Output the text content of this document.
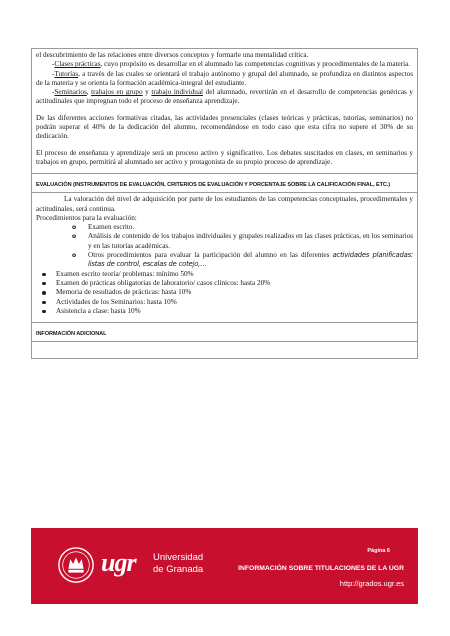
el descubrimiento de las relaciones entre diversos conceptos y formarle una mentalidad crítica.

-Clases prácticas, cuyo propósito es desarrollar en el alumnado las competencias cognitivas y procedimentales de la materia.

-Tutorías, a través de las cuales se orientará el trabajo autónomo y grupal del alumnado, se profundiza en distintos aspectos de la materia y se orienta la formación académica-integral del estudiante.

-Seminarios, trabajos en grupo y trabajo individual del alumnado, revertirán en el desarrollo de competencias genéricas y actitudinales que impregnan todo el proceso de enseñanza aprendizaje.

De las diferentes acciones formativas citadas, las actividades presenciales (clases teóricas y prácticas, tutorías, seminarios) no podrán superar el 40% de la dedicación del alumno, recomendándose en todo caso que esta cifra no supere el 30% de su dedicación.

El proceso de enseñanza y aprendizaje será un proceso activo y significativo. Los debates suscitados en clases, en seminarios y trabajos en grupo, permitirá al alumnado ser activo y protagonista de su propio proceso de aprendizaje.

EVALUACIÓN (INSTRUMENTOS DE EVALUACIÓN, CRITERIOS DE EVALUACIÓN Y PORCENTAJE SOBRE LA CALIFICACIÓN FINAL, ETC.)

La valoración del nivel de adquisición por parte de los estudiantes de las competencias conceptuales, procedimentales y actitudinales, será continua.

Procedimientos para la evaluación:

o Examen escrito.
o Análisis de contenido de los trabajos individuales y grupales realizados en las clases prácticas, en los seminarios y en las tutorías académicas.
o Otros procedimientos para evaluar la participación del alumno en las diferentes actividades planificadas: listas de control, escalas de cotejo,…
Examen escrito teoría/ problemas: mínimo 50%
Examen de prácticas obligatorias de laboratorio/ casos clínicos: hasta 20%
Memoria de resultados de prácticas: hasta 10%
Actividades de los Seminarios: hasta 10%
Asistencia a clase: hasta 10%
INFORMACIÓN ADICIONAL
ugr Universidad
de Granada
Página 6
INFORMACIÓN SOBRE TITULACIONES DE LA UGR
http://grados.ugr.es
